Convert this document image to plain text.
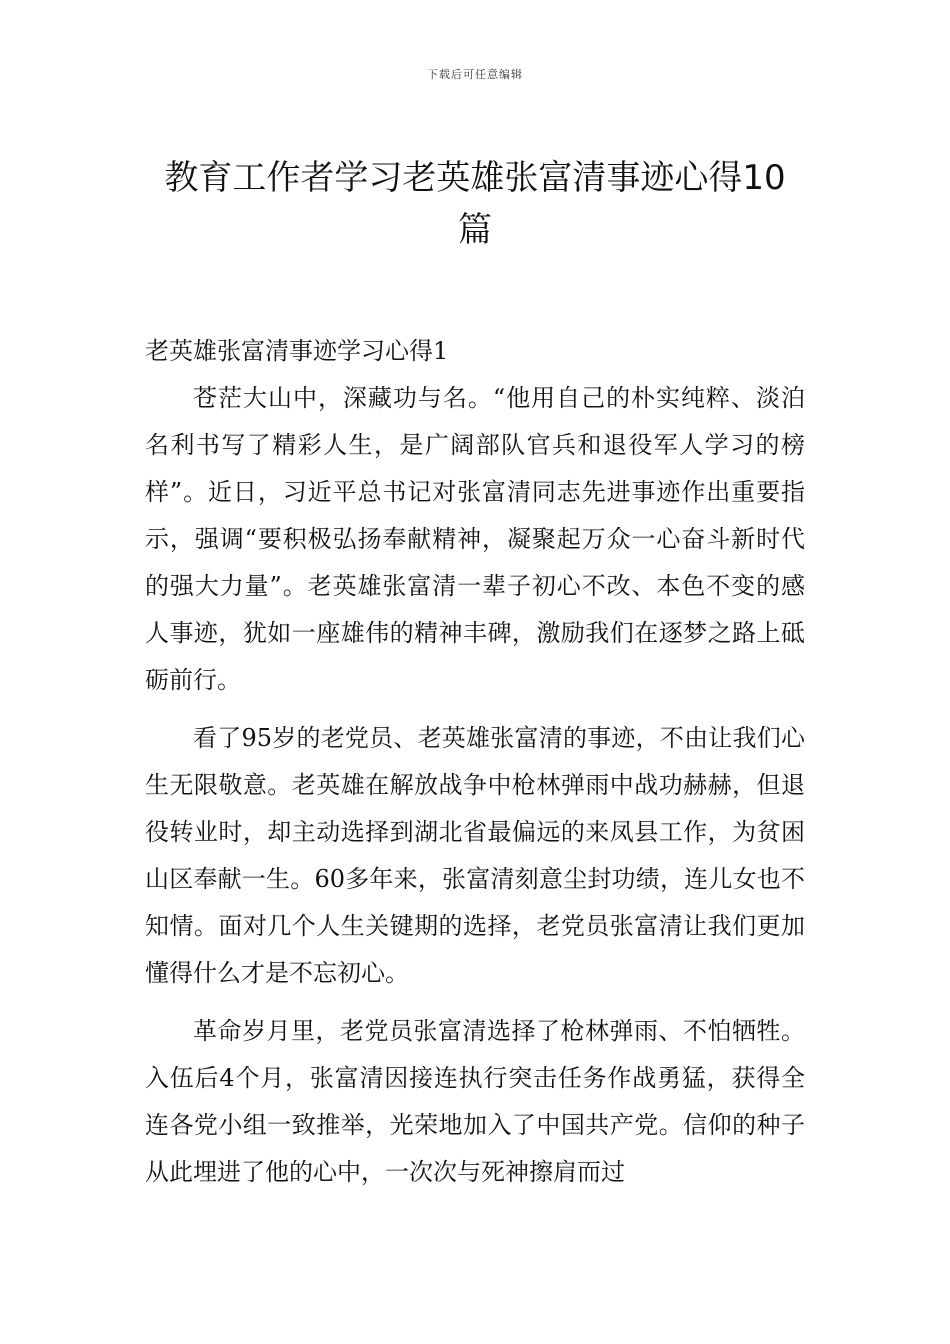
下载后可任意编辑
教育工作者学习老英雄张富清事迹心得10篇
老英雄张富清事迹学习心得1

苍茫大山中，深藏功与名。“他用自己的朴实纯粹、淡泊名利书写了精彩人生，是广阔部队官兵和退役军人学习的榜样”。近日，习近平总书记对张富清同志先进事迹作出重要指示，强调“要积极弘扬奉献精神，凝聚起万众一心奋斗新时代的强大力量”。老英雄张富清一辈子初心不改、本色不变的感人事迹，犹如一座雄伟的精神丰碑，激励我们在逐梦之路上砥砺前行。

看了95岁的老党员、老英雄张富清的事迹，不由让我们心生无限敬意。老英雄在解放战争中枪林弹雨中战功赫赫，但退役转业时，却主动选择到湖北省最偏远的来凤县工作，为贫困山区奉献一生。60多年来，张富清刻意尘封功绩，连儿女也不知情。面对几个人生关键期的选择，老党员张富清让我们更加懂得什么才是不忘初心。

革命岁月里，老党员张富清选择了枪林弹雨、不怕牺牲。入伍后4个月，张富清因接连执行突击任务作战勇猛，获得全连各党小组一致推举，光荣地加入了中国共产党。信仰的种子从此埋进了他的心中，一次次与死神擦肩而过
